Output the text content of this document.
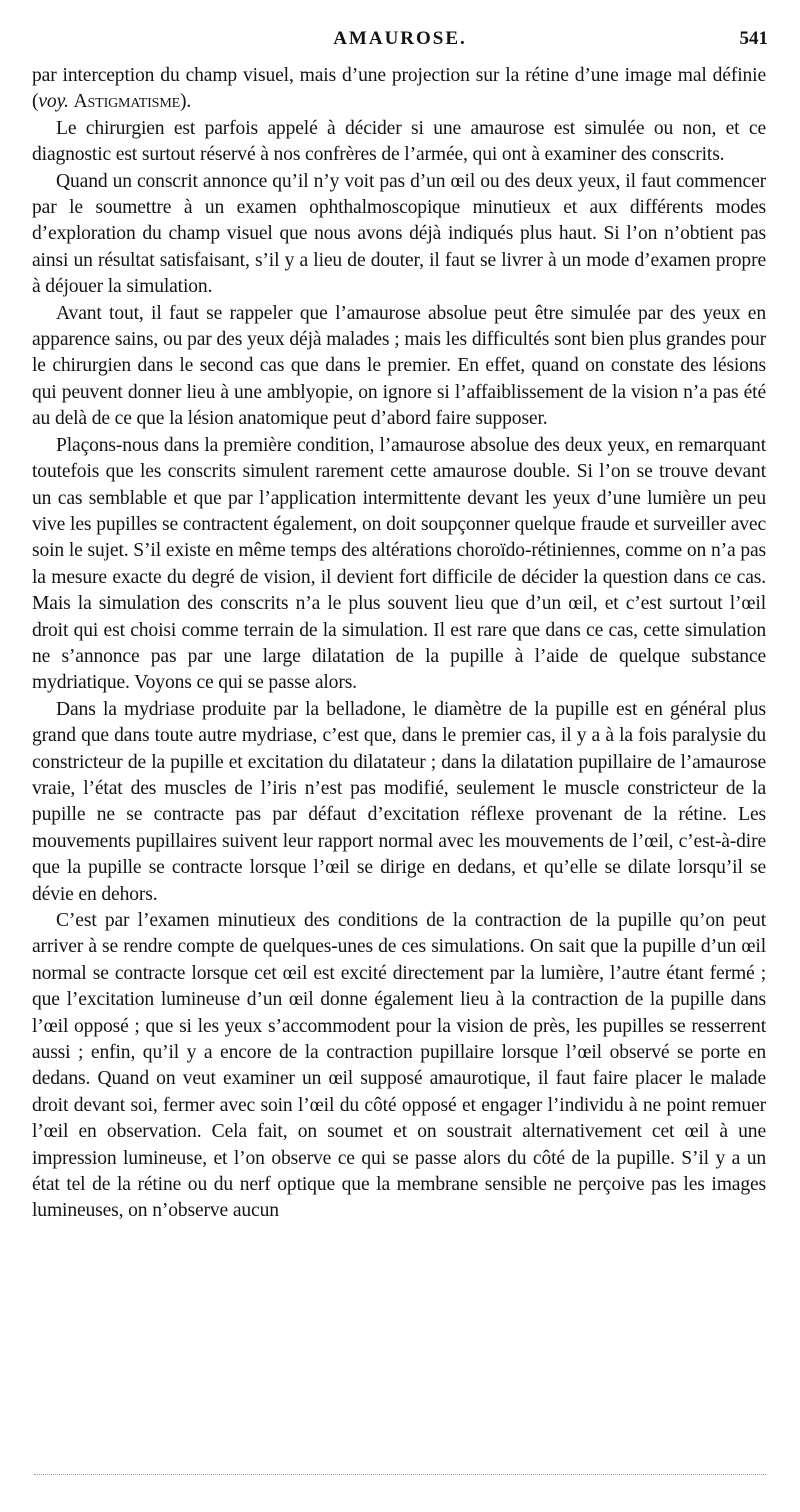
AMAUROSE.	541

par interception du champ visuel, mais d’une projection sur la rétine d’une image mal définie (voy. Astigmatisme).

Le chirurgien est parfois appelé à décider si une amaurose est simulée ou non, et ce diagnostic est surtout réservé à nos confrères de l’armée, qui ont à examiner des conscrits.

Quand un conscrit annonce qu’il n’y voit pas d’un œil ou des deux yeux, il faut commencer par le soumettre à un examen ophthalmoscopique minutieux et aux différents modes d’exploration du champ visuel que nous avons déjà indiqués plus haut. Si l’on n’obtient pas ainsi un résultat satisfaisant, s’il y a lieu de douter, il faut se livrer à un mode d’examen propre à déjouer la simulation.

Avant tout, il faut se rappeler que l’amaurose absolue peut être simulée par des yeux en apparence sains, ou par des yeux déjà malades ; mais les difficultés sont bien plus grandes pour le chirurgien dans le second cas que dans le premier. En effet, quand on constate des lésions qui peuvent donner lieu à une amblyopie, on ignore si l’affaiblissement de la vision n’a pas été au delà de ce que la lésion anatomique peut d’abord faire supposer.

Plaçons-nous dans la première condition, l’amaurose absolue des deux yeux, en remarquant toutefois que les conscrits simulent rarement cette amaurose double. Si l’on se trouve devant un cas semblable et que par l’application intermittente devant les yeux d’une lumière un peu vive les pupilles se contractent également, on doit soupçonner quelque fraude et surveiller avec soin le sujet. S’il existe en même temps des altérations choroïdo-rétiniennes, comme on n’a pas la mesure exacte du degré de vision, il devient fort difficile de décider la question dans ce cas. Mais la simulation des conscrits n’a le plus souvent lieu que d’un œil, et c’est surtout l’œil droit qui est choisi comme terrain de la simulation. Il est rare que dans ce cas, cette simulation ne s’annonce pas par une large dilatation de la pupille à l’aide de quelque substance mydriatique. Voyons ce qui se passe alors.

Dans la mydriase produite par la belladone, le diamètre de la pupille est en général plus grand que dans toute autre mydriase, c’est que, dans le premier cas, il y a à la fois paralysie du constricteur de la pupille et excitation du dilatateur ; dans la dilatation pupillaire de l’amaurose vraie, l’état des muscles de l’iris n’est pas modifié, seulement le muscle constricteur de la pupille ne se contracte pas par défaut d’excitation réflexe provenant de la rétine. Les mouvements pupillaires suivent leur rapport normal avec les mouvements de l’œil, c’est-à-dire que la pupille se contracte lorsque l’œil se dirige en dedans, et qu’elle se dilate lorsqu’il se dévie en dehors.

C’est par l’examen minutieux des conditions de la contraction de la pupille qu’on peut arriver à se rendre compte de quelques-unes de ces simulations. On sait que la pupille d’un œil normal se contracte lorsque cet œil est excité directement par la lumière, l’autre étant fermé ; que l’excitation lumineuse d’un œil donne également lieu à la contraction de la pupille dans l’œil opposé ; que si les yeux s’accommodent pour la vision de près, les pupilles se resserrent aussi ; enfin, qu’il y a encore de la contraction pupillaire lorsque l’œil observé se porte en dedans. Quand on veut examiner un œil supposé amaurotique, il faut faire placer le malade droit devant soi, fermer avec soin l’œil du côté opposé et engager l’individu à ne point remuer l’œil en observation. Cela fait, on soumet et on soustrait alternativement cet œil à une impression lumineuse, et l’on observe ce qui se passe alors du côté de la pupille. S’il y a un état tel de la rétine ou du nerf optique que la membrane sensible ne perçoive pas les images lumineuses, on n’observe aucun
